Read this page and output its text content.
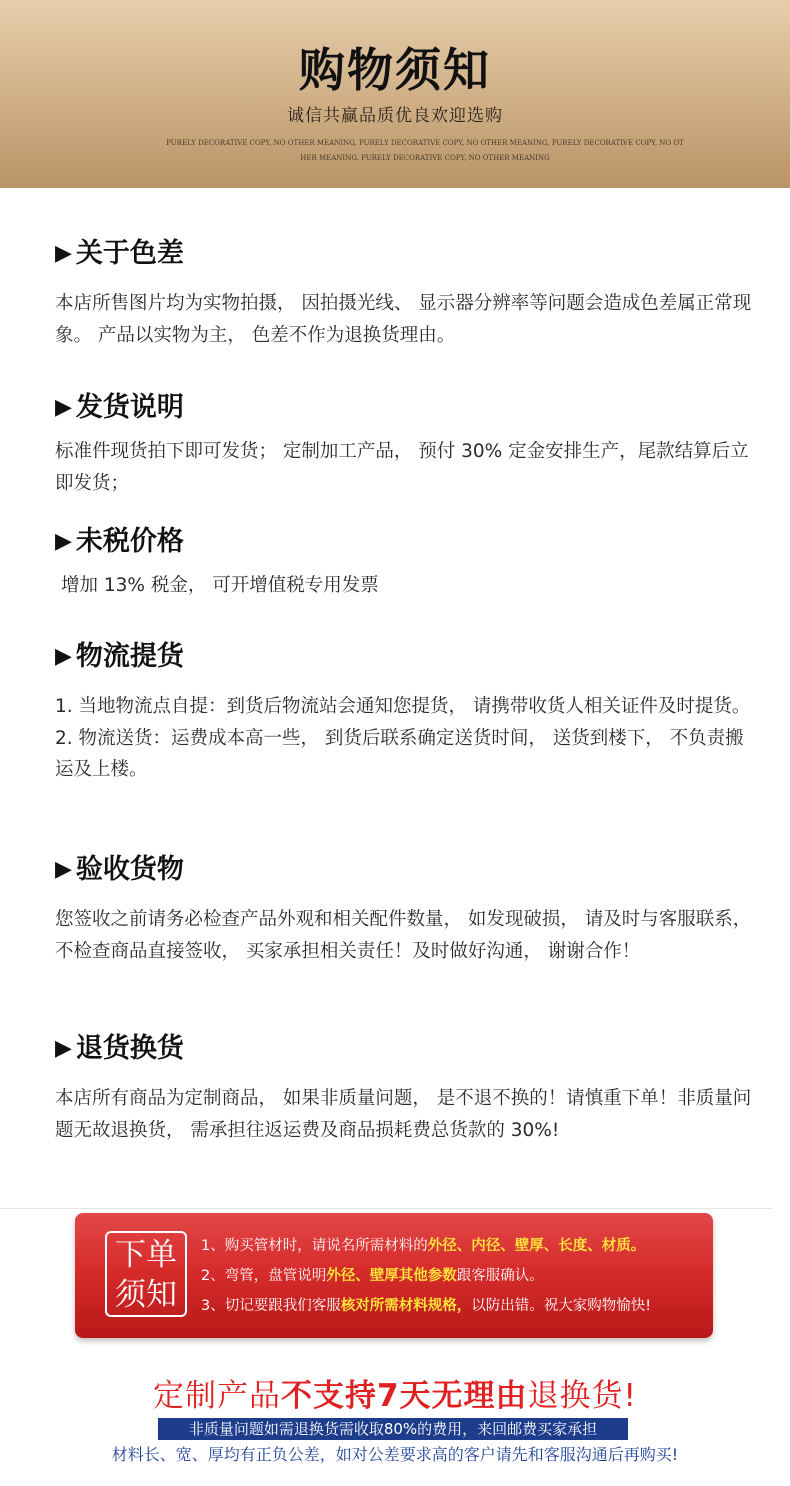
购物须知
诚信共赢品质优良欢迎选购
PURELY DECORATIVE COPY, NO OTHER MEANING, PURELY DECORATIVE COPY, NO OTHER MEANING, PURELY DECORATIVE COPY, NO OTHER MEANING, PURELY DECORATIVE COPY, NO OTHER MEANING
▶ 关于色差

本店所售图片均为实物拍摄， 因拍摄光线、 显示器分辨率等问题会造成色差属正常现象。 产品以实物为主， 色差不作为退换货理由。

▶ 发货说明

标准件现货拍下即可发货； 定制加工产品， 预付 30% 定金安排生产，尾款结算后立即发货；

▶ 未税价格

增加 13% 税金， 可开增值税专用发票

▶ 物流提货

1. 当地物流点自提：到货后物流站会通知您提货， 请携带收货人相关证件及时提货。

2. 物流送货：运费成本高一些， 到货后联系确定送货时间， 送货到楼下， 不负责搬运及上楼。

▶ 验收货物

您签收之前请务必检查产品外观和相关配件数量， 如发现破损， 请及时与客服联系， 不检查商品直接签收， 买家承担相关责任！及时做好沟通， 谢谢合作！

▶ 退货换货

本店所有商品为定制商品， 如果非质量问题， 是不退不换的！请慎重下单！非质量问题无故退换货， 需承担往返运费及商品损耗费总货款的 30%!

下单
须知
1、购买管材时，请说名所需材料的外径、内径、壁厚、长度、材质。
2、弯管，盘管说明外径、壁厚其他参数跟客服确认。
3、切记要跟我们客服核对所需材料规格，以防出错。祝大家购物愉快!
定制产品不支持7天无理由退换货!
非质量问题如需退换货需收取80%的费用，来回邮费买家承担
材料长、宽、厚均有正负公差，如对公差要求高的客户请先和客服沟通后再购买!
